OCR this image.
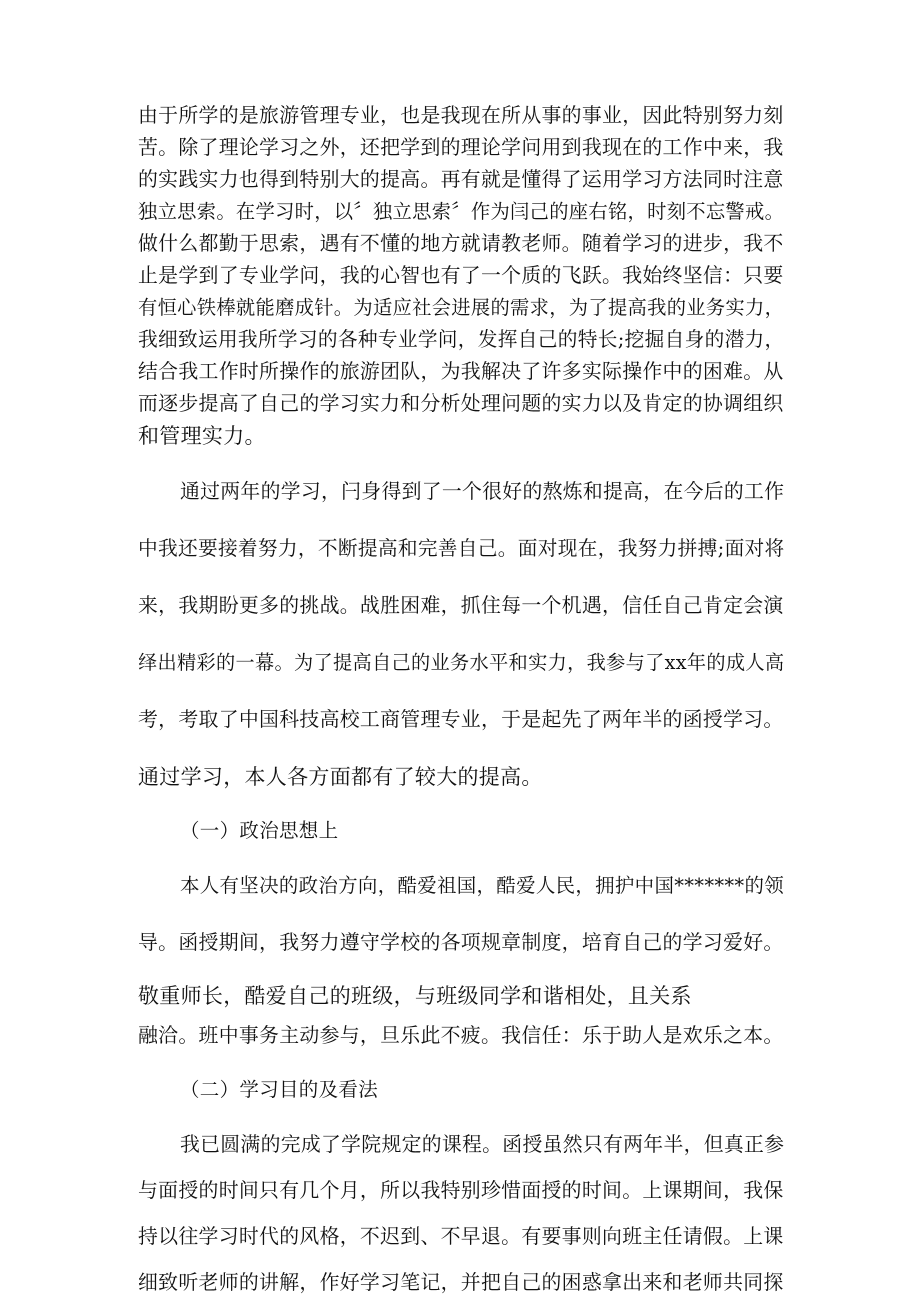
由于所学的是旅游管理专业，也是我现在所从事的事业，因此特别努力刻
苦。除了理论学习之外，还把学到的理论学问用到我现在的工作中来，我
的实践实力也得到特别大的提高。再有就是懂得了运用学习方法同时注意
独立思索。在学习时，以〞独立思索〞作为闫己的座右铭，时刻不忘警戒。
做什么都勤于思索，遇有不懂的地方就请教老师。随着学习的进步，我不
止是学到了专业学问，我的心智也有了一个质的飞跃。我始终坚信：只要
有恒心铁棒就能磨成针。为适应社会进展的需求，为了提高我的业务实力，
我细致运用我所学习的各种专业学问，发挥自己的特长;挖掘自身的潜力，
结合我工作时所操作的旅游团队，为我解决了许多实际操作中的困难。从
而逐步提高了自己的学习实力和分析处理问题的实力以及肯定的协调组织
和管理实力。
通过两年的学习，闩身得到了一个很好的熬炼和提高，在今后的工作
中我还要接着努力，不断提高和完善自己。面对现在，我努力拼搏;面对将
来，我期盼更多的挑战。战胜困难，抓住每一个机遇，信任自己肯定会演
绎出精彩的一幕。为了提高自己的业务水平和实力，我参与了xx年的成人高
考，考取了中国科技高校工商管理专业，于是起先了两年半的函授学习。
通过学习，本人各方面都有了较大的提高。
（一）政治思想上
本人有坚决的政治方向，酷爱祖国，酷爱人民，拥护中国*******的领
导。函授期间，我努力遵守学校的各项规章制度，培育自己的学习爱好。
敬重师长，酷爱自己的班级，与班级同学和谐相处，且关系
融洽。班中事务主动参与，旦乐此不疲。我信任：乐于助人是欢乐之本。
（二）学习目的及看法
我已圆满的完成了学院规定的课程。函授虽然只有两年半，但真正参
与面授的时间只有几个月，所以我特别珍惜面授的时间。上课期间，我保
持以往学习时代的风格，不迟到、不早退。有要事则向班主任请假。上课
细致听老师的讲解，作好学习笔记，并把自己的困惑拿出来和老师共同探
